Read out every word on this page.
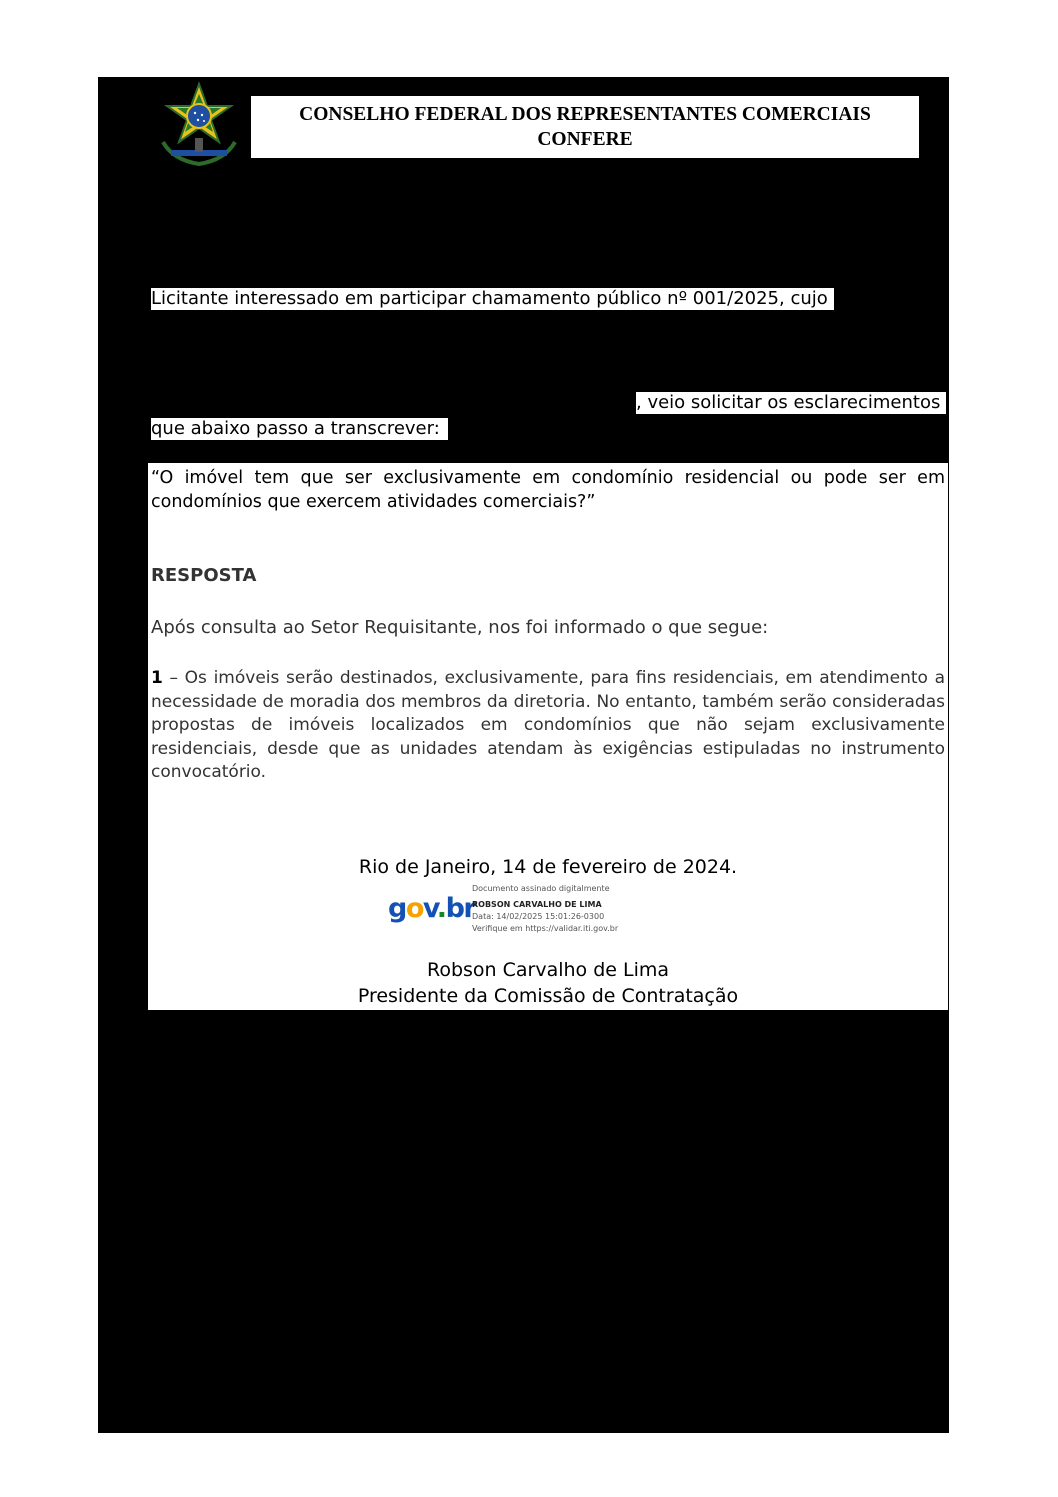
CONSELHO FEDERAL DOS REPRESENTANTES COMERCIAIS
CONFERE
Licitante interessado em participar chamamento público nº 001/2025, cujo
, veio solicitar os esclarecimentos
que abaixo passo a transcrever:
“O imóvel tem que ser exclusivamente em condomínio residencial ou pode ser em condomínios que exercem atividades comerciais?”
RESPOSTA
Após consulta ao Setor Requisitante, nos foi informado o que segue:
1 – Os imóveis serão destinados, exclusivamente, para fins residenciais, em atendimento a necessidade de moradia dos membros da diretoria. No entanto, também serão consideradas propostas de imóveis localizados em condomínios que não sejam exclusivamente residenciais, desde que as unidades atendam às exigências estipuladas no instrumento convocatório.
Rio de Janeiro, 14 de fevereiro de 2024.
gov.br
Documento assinado digitalmente
ROBSON CARVALHO DE LIMA
Data: 14/02/2025 15:01:26-0300
Verifique em https://validar.iti.gov.br
Robson Carvalho de Lima
Presidente da Comissão de Contratação
